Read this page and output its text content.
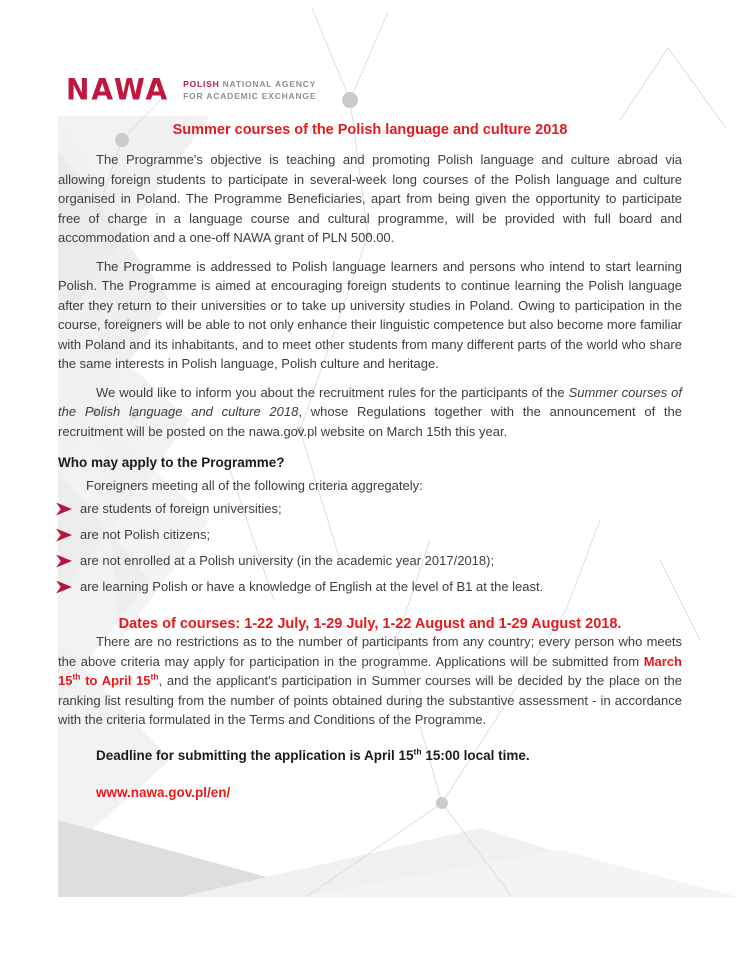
NAWA POLISH NATIONAL AGENCY
FOR ACADEMIC EXCHANGE
Summer courses of the Polish language and culture 2018

The Programme's objective is teaching and promoting Polish language and culture abroad via allowing foreign students to participate in several-week long courses of the Polish language and culture organised in Poland. The Programme Beneficiaries, apart from being given the opportunity to participate free of charge in a language course and cultural programme, will be provided with full board and accommodation and a one-off NAWA grant of PLN 500.00.

The Programme is addressed to Polish language learners and persons who intend to start learning Polish. The Programme is aimed at encouraging foreign students to continue learning the Polish language after they return to their universities or to take up university studies in Poland. Owing to participation in the course, foreigners will be able to not only enhance their linguistic competence but also become more familiar with Poland and its inhabitants, and to meet other students from many different parts of the world who share the same interests in Polish language, Polish culture and heritage.

We would like to inform you about the recruitment rules for the participants of the Summer courses of the Polish language and culture 2018, whose Regulations together with the announcement of the recruitment will be posted on the nawa.gov.pl website on March 15th this year.

Who may apply to the Programme?

Foreigners meeting all of the following criteria aggregately:

are students of foreign universities;
are not Polish citizens;
are not enrolled at a Polish university (in the academic year 2017/2018);
are learning Polish or have a knowledge of English at the level of B1 at the least.

Dates of courses: 1-22 July, 1-29 July, 1-22 August and 1-29 August 2018.

There are no restrictions as to the number of participants from any country; every person who meets the above criteria may apply for participation in the programme. Applications will be submitted from March 15th to April 15th, and the applicant's participation in Summer courses will be decided by the place on the ranking list resulting from the number of points obtained during the substantive assessment - in accordance with the criteria formulated in the Terms and Conditions of the Programme.

Deadline for submitting the application is April 15th 15:00 local time.

www.nawa.gov.pl/en/
